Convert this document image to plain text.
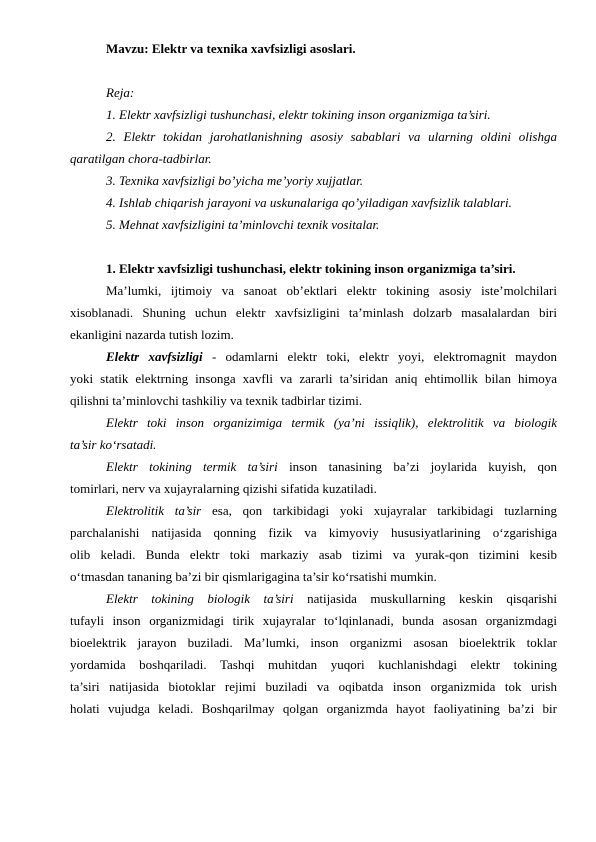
Mavzu: Elektr va texnika xavfsizligi asoslari.
Reja:
1. Elektr xavfsizligi tushunchasi, elektr tokining inson organizmiga ta’siri.
2. Elektr tokidan jarohatlanishning asosiy sabablari va ularning oldini olishga
qaratilgan chora-tadbirlar.
3. Texnika xavfsizligi bo’yicha me’yoriy xujjatlar.
4. Ishlab chiqarish jarayoni va uskunalariga qo’yiladigan xavfsizlik talablari.
5. Mehnat xavfsizligini ta’minlovchi texnik vositalar.
1. Elektr xavfsizligi tushunchasi, elektr tokining inson organizmiga ta’siri.
Ma’lumki, ijtimoiy va sanoat ob’ektlari elektr tokining asosiy iste’molchilari
xisoblanadi. Shuning uchun elektr xavfsizligini ta’minlash dolzarb masalalardan biri
ekanligini nazarda tutish lozim.
Elektr xavfsizligi - odamlarni elektr toki, elektr yoyi, elektromagnit maydon
yoki statik elektrning insonga xavfli va zararli ta’siridan aniq ehtimollik bilan himoya
qilishni ta’minlovchi tashkiliy va texnik tadbirlar tizimi.
Elektr toki inson organizimiga termik (ya’ni issiqlik), elektrolitik va biologik
ta’sir ko‘rsatadi.
Elektr tokining termik ta’siri inson tanasining ba’zi joylarida kuyish, qon
tomirlari, nerv va xujayralarning qizishi sifatida kuzatiladi.
Elektrolitik ta’sir esa, qon tarkibidagi yoki xujayralar tarkibidagi tuzlarning
parchalanishi natijasida qonning fizik va kimyoviy hususiyatlarining o‘zgarishiga
olib keladi. Bunda elektr toki markaziy asab tizimi va yurak-qon tizimini kesib
o‘tmasdan tananing ba’zi bir qismlarigagina ta’sir ko‘rsatishi mumkin.
Elektr tokining biologik ta’siri natijasida muskullarning keskin qisqarishi
tufayli inson organizmidagi tirik xujayralar to‘lqinlanadi, bunda asosan organizmdagi
bioelektrik jarayon buziladi. Ma’lumki, inson organizmi asosan bioelektrik toklar
yordamida boshqariladi. Tashqi muhitdan yuqori kuchlanishdagi elektr tokining
ta’siri natijasida biotoklar rejimi buziladi va oqibatda inson organizmida tok urish
holati vujudga keladi. Boshqarilmay qolgan organizmda hayot faoliyatining ba’zi bir
